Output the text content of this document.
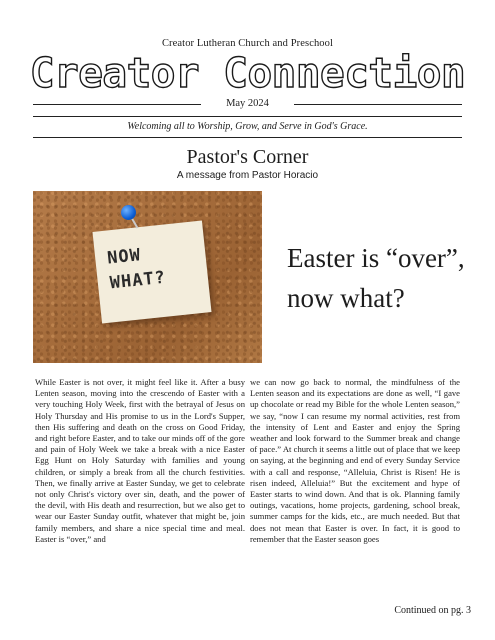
Creator Lutheran Church and Preschool
Creator Connection
May 2024
Welcoming all to Worship, Grow, and Serve in God's Grace.
Pastor's Corner
A message from Pastor Horacio
NOW WHAT?
Easter is “over”, now what?
While Easter is not over, it might feel like it. After a busy Lenten season, moving into the crescendo of Easter with a very touching Holy Week, first with the betrayal of Jesus on Holy Thursday and His promise to us in the Lord's Supper, then His suffering and death on the cross on Good Friday, and right before Easter, and to take our minds off of the gore and pain of Holy Week we take a break with a nice Easter Egg Hunt on Holy Saturday with families and young children, or simply a break from all the church festivities. Then, we finally arrive at Easter Sunday, we get to celebrate not only Christ's victory over sin, death, and the power of the devil, with His death and resurrection, but we also get to wear our Easter Sunday outfit, whatever that might be, join family members, and share a nice special time and meal. Easter is “over,” and
we can now go back to normal, the mindfulness of the Lenten season and its expectations are done as well, “I gave up chocolate or read my Bible for the whole Lenten season,” we say, “now I can resume my normal activities, rest from the intensity of Lent and Easter and enjoy the Spring weather and look forward to the Summer break and change of pace.” At church it seems a little out of place that we keep on saying, at the beginning and end of every Sunday Service with a call and response, “Alleluia, Christ is Risen! He is risen indeed, Alleluia!” But the excitement and hype of Easter starts to wind down. And that is ok. Planning family outings, vacations, home projects, gardening, school break, summer camps for the kids, etc., are much needed. But that does not mean that Easter is over. In fact, it is good to remember that the Easter season goes
Continued on pg. 3
